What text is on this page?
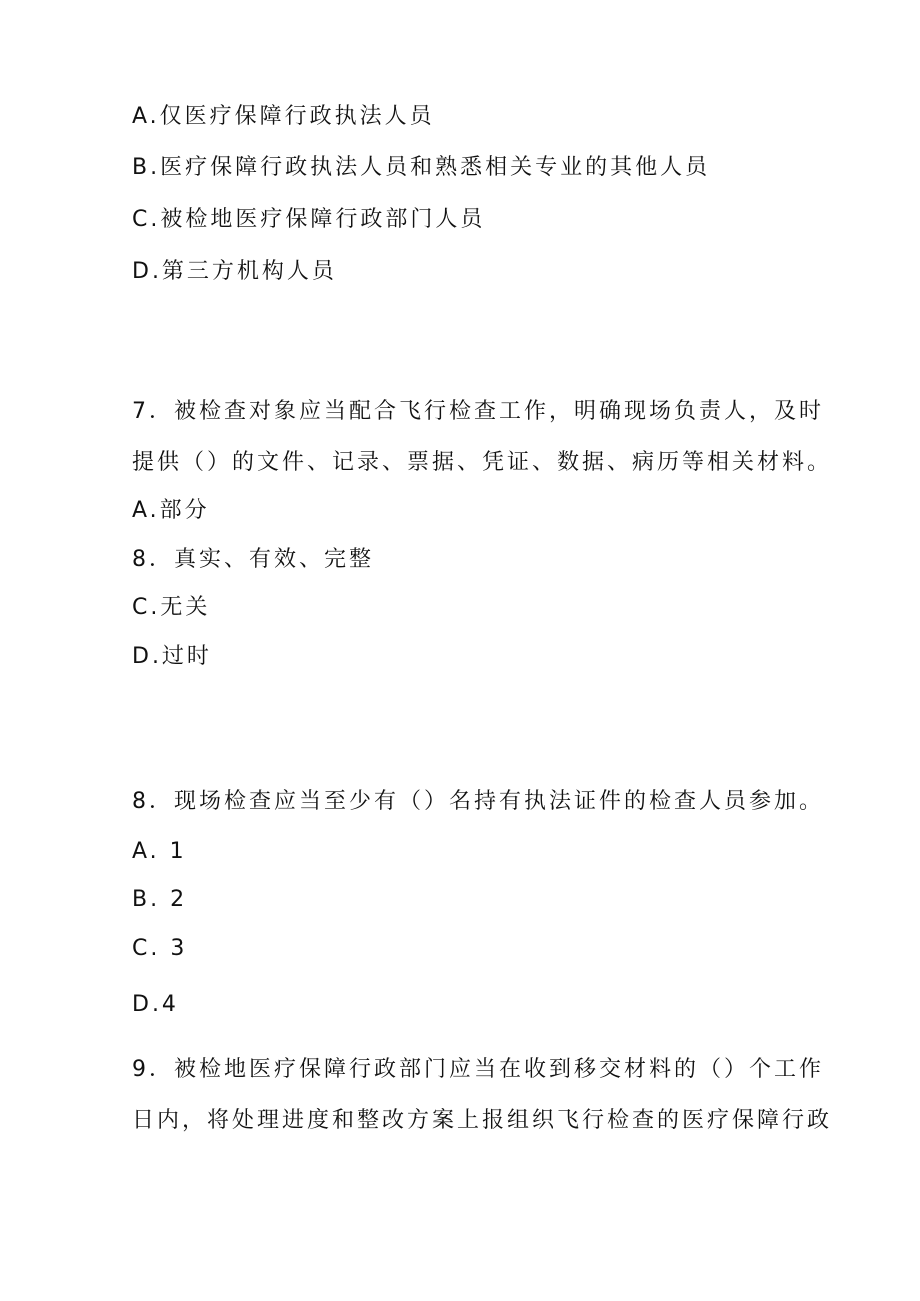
A.仅医疗保障行政执法人员
B.医疗保障行政执法人员和熟悉相关专业的其他人员
C.被检地医疗保障行政部门人员
D.第三方机构人员
7．被检查对象应当配合飞行检查工作，明确现场负责人，及时
提供（）的文件、记录、票据、凭证、数据、病历等相关材料。
A.部分
8．真实、有效、完整
C.无关
D.过时
8．现场检查应当至少有（）名持有执法证件的检查人员参加。
A. 1
B. 2
C. 3
D.4
9．被检地医疗保障行政部门应当在收到移交材料的（）个工作
日内，将处理进度和整改方案上报组织飞行检查的医疗保障行政
